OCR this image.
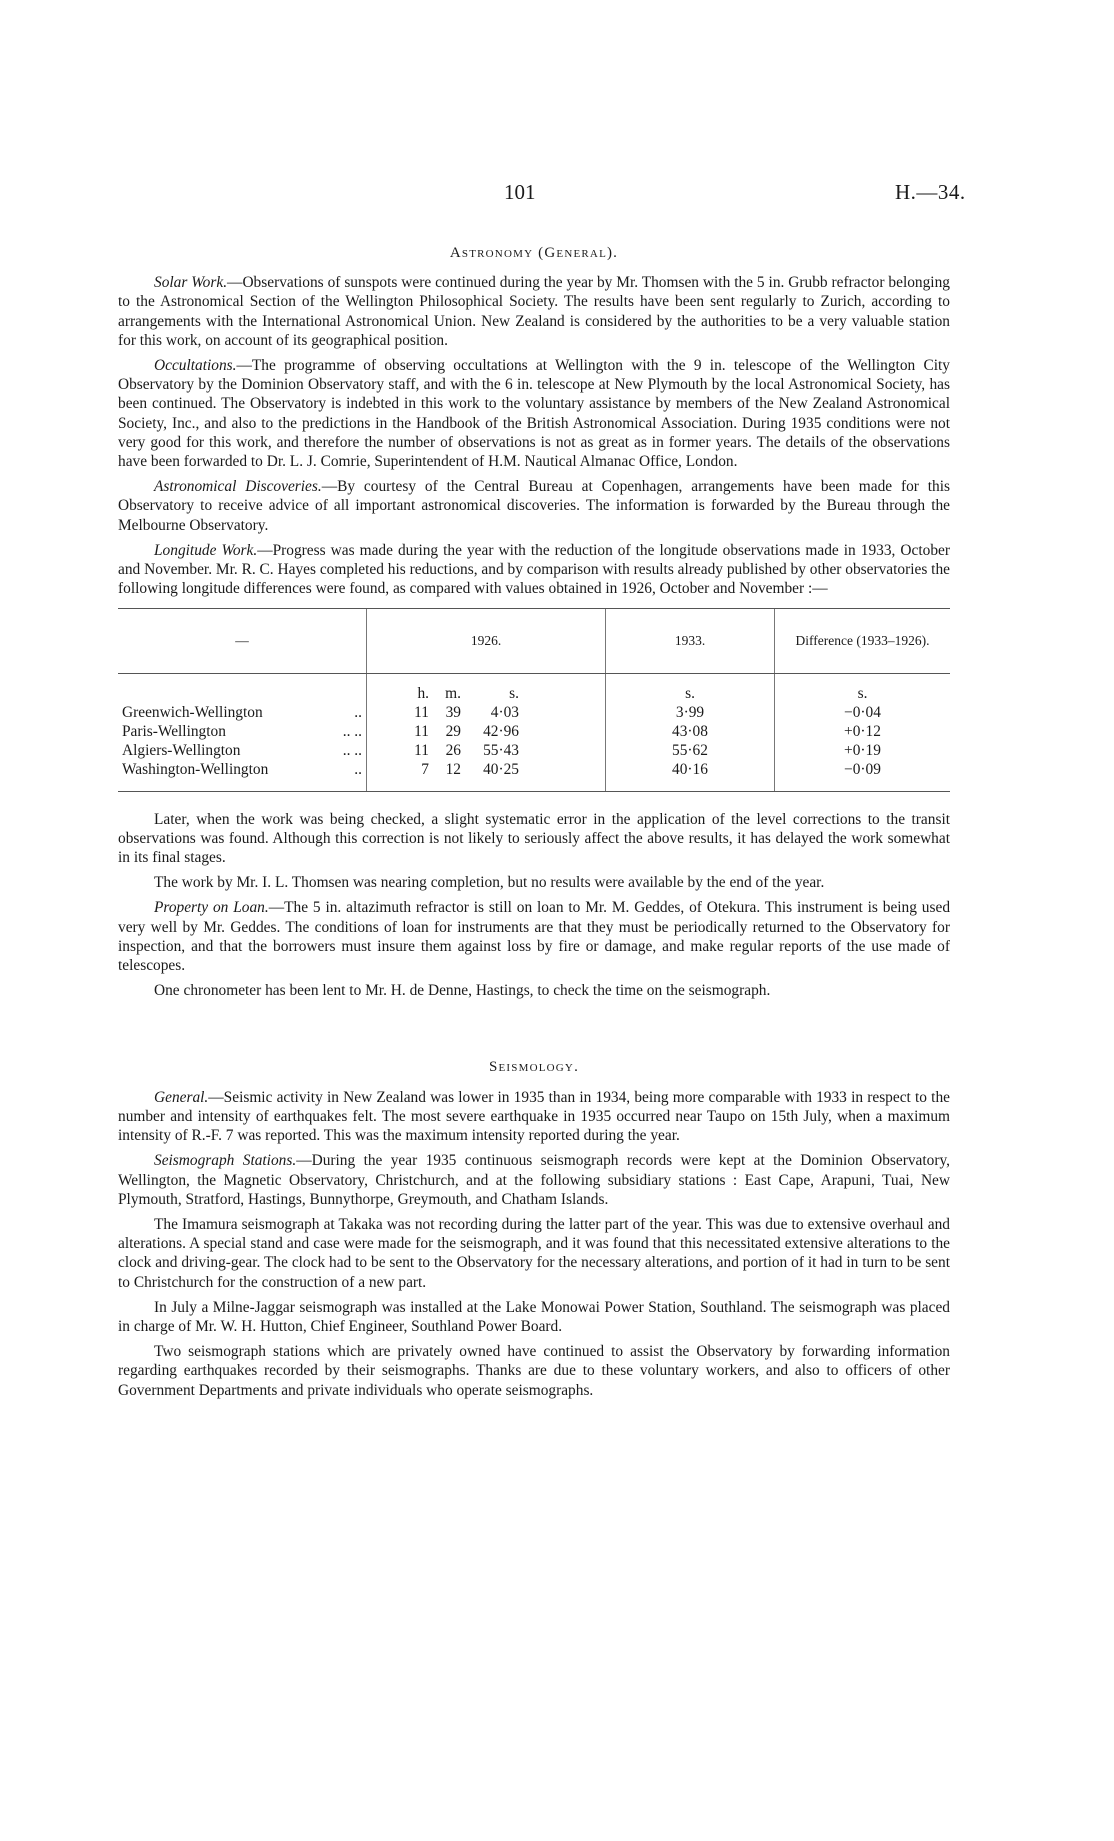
101	H.—34.
Astronomy (General).

Solar Work.—Observations of sunspots were continued during the year by Mr. Thomsen with the 5 in. Grubb refractor belonging to the Astronomical Section of the Wellington Philosophical Society. The results have been sent regularly to Zurich, according to arrangements with the International Astronomical Union. New Zealand is considered by the authorities to be a very valuable station for this work, on account of its geographical position.

Occultations.—The programme of observing occultations at Wellington with the 9 in. telescope of the Wellington City Observatory by the Dominion Observatory staff, and with the 6 in. telescope at New Plymouth by the local Astronomical Society, has been continued. The Observatory is indebted in this work to the voluntary assistance by members of the New Zealand Astronomical Society, Inc., and also to the predictions in the Handbook of the British Astronomical Association. During 1935 conditions were not very good for this work, and therefore the number of observations is not as great as in former years. The details of the observations have been forwarded to Dr. L. J. Comrie, Superintendent of H.M. Nautical Almanac Office, London.

Astronomical Discoveries.—By courtesy of the Central Bureau at Copenhagen, arrangements have been made for this Observatory to receive advice of all important astronomical discoveries. The information is forwarded by the Bureau through the Melbourne Observatory.

Longitude Work.—Progress was made during the year with the reduction of the longitude observations made in 1933, October and November. Mr. R. C. Hayes completed his reductions, and by comparison with results already published by other observatories the following longitude differences were found, as compared with values obtained in 1926, October and November :—

—		1926.	1933.	Difference (1933–1926).
		h. m. s.	s.	s.
Greenwich-Wellington	..	11 39 4·03	3·99	−0·04
Paris-Wellington	.. ..	11 29 42·96	43·08	+0·12
Algiers-Wellington	.. ..	11 26 55·43	55·62	+0·19
Washington-Wellington	..	7 12 40·25	40·16	−0·09

Later, when the work was being checked, a slight systematic error in the application of the level corrections to the transit observations was found. Although this correction is not likely to seriously affect the above results, it has delayed the work somewhat in its final stages.

The work by Mr. I. L. Thomsen was nearing completion, but no results were available by the end of the year.

Property on Loan.—The 5 in. altazimuth refractor is still on loan to Mr. M. Geddes, of Otekura. This instrument is being used very well by Mr. Geddes. The conditions of loan for instruments are that they must be periodically returned to the Observatory for inspection, and that the borrowers must insure them against loss by fire or damage, and make regular reports of the use made of telescopes.

One chronometer has been lent to Mr. H. de Denne, Hastings, to check the time on the seismograph.

Seismology.

General.—Seismic activity in New Zealand was lower in 1935 than in 1934, being more comparable with 1933 in respect to the number and intensity of earthquakes felt. The most severe earthquake in 1935 occurred near Taupo on 15th July, when a maximum intensity of R.-F. 7 was reported. This was the maximum intensity reported during the year.

Seismograph Stations.—During the year 1935 continuous seismograph records were kept at the Dominion Observatory, Wellington, the Magnetic Observatory, Christchurch, and at the following subsidiary stations : East Cape, Arapuni, Tuai, New Plymouth, Stratford, Hastings, Bunnythorpe, Greymouth, and Chatham Islands.

The Imamura seismograph at Takaka was not recording during the latter part of the year. This was due to extensive overhaul and alterations. A special stand and case were made for the seismograph, and it was found that this necessitated extensive alterations to the clock and driving-gear. The clock had to be sent to the Observatory for the necessary alterations, and portion of it had in turn to be sent to Christchurch for the construction of a new part.

In July a Milne-Jaggar seismograph was installed at the Lake Monowai Power Station, Southland. The seismograph was placed in charge of Mr. W. H. Hutton, Chief Engineer, Southland Power Board.

Two seismograph stations which are privately owned have continued to assist the Observatory by forwarding information regarding earthquakes recorded by their seismographs. Thanks are due to these voluntary workers, and also to officers of other Government Departments and private individuals who operate seismographs.
